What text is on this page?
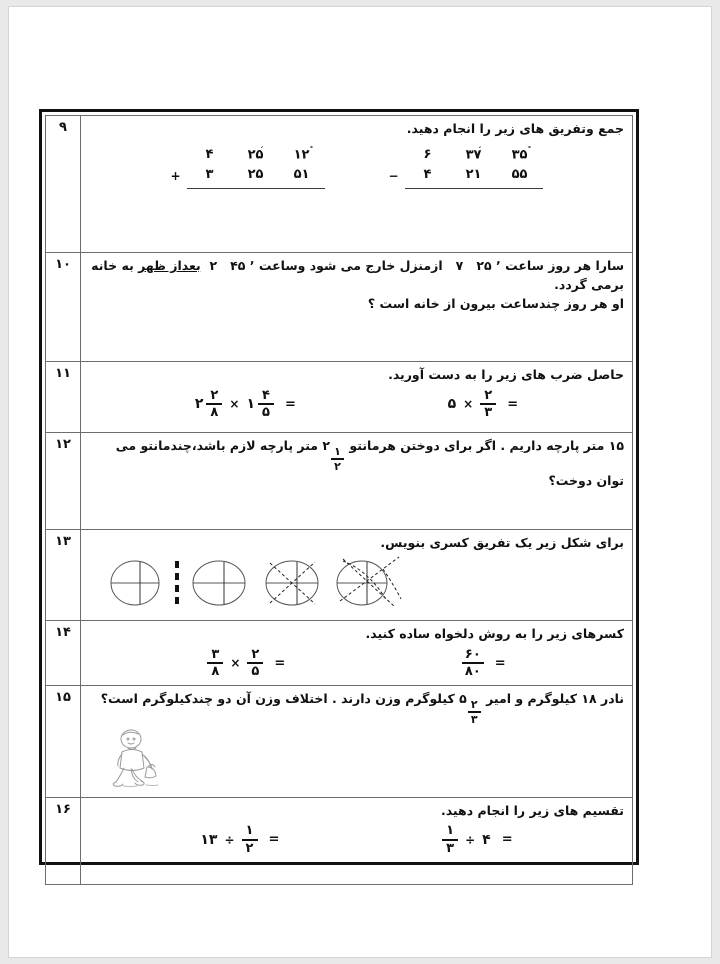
جمع وتفریق های زیر را انجام دهید.
۴	۲۵	۱۲
+	۳	۲۵	۵۱
۶	۳۷	۳۵
−	۴	۲۱	۵۵
	۹

سارا هر روز ساعت ٬ ۲۵   ۷   ازمنزل خارج می شود وساعت ٬ ۴۵   ۲  بعداز ظهر به خانه برمی گردد.
او هر روز چندساعت بیرون از خانه است ؟	۱۰

حاصل ضرب های زیر را به دست آورید.
۲ $\frac{۲}{۸}$ × ۱ $\frac{۴}{۵}$ =	۵ × $\frac{۲}{۳}$ =
	۱۱

۱۵ متر پارچه داریم . اگر برای دوختن هرمانتو ۲ ۱
۲
متر پارچه لازم باشد،چندمانتو می توان دوخت؟	۱۲

برای شکل زیر یک تفریق کسری بنویس.	۱۳

کسرهای زیر را به روش دلخواه ساده کنید.
$\frac{۳}{۸} \times \frac{۲}{۵}$ =	$\frac{۶۰}{۸۰}$ =
	۱۴

نادر ۱۸ کیلوگرم و امیر ۵ ۲
۳
کیلوگرم وزن دارند . اختلاف وزن آن دو چندکیلوگرم است؟	۱۵

تقسیم های زیر را انجام دهید.
۱۳ ÷ $\frac{۱}{۲}$ =	$\frac{۱}{۳}$ ÷ ۴ =
	۱۶
